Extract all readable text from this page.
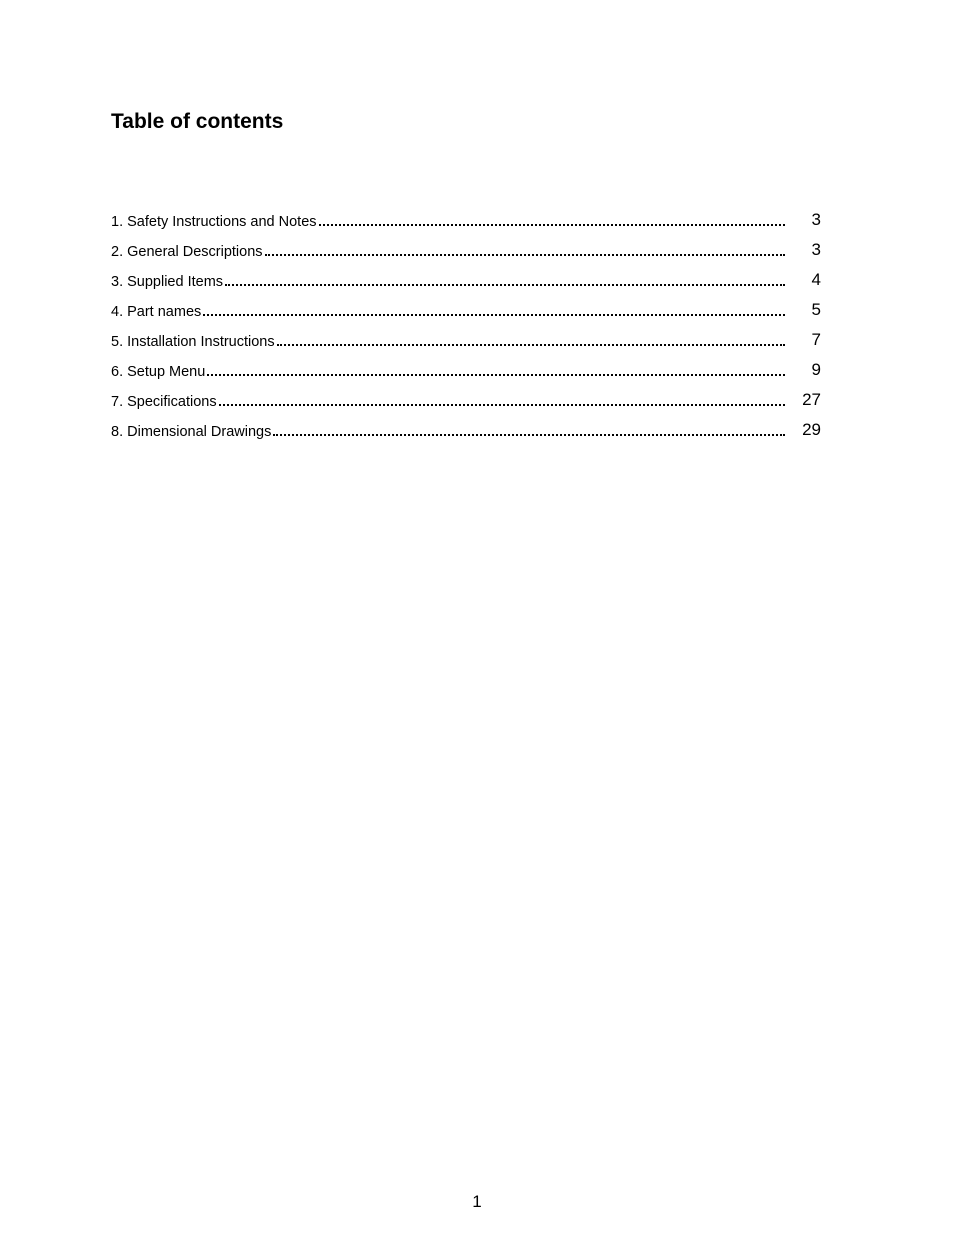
Table of contents
1. Safety Instructions and Notes	3
2. General Descriptions	3
3. Supplied Items	4
4. Part names	5
5. Installation Instructions	7
6. Setup Menu	9
7. Specifications	27
8. Dimensional Drawings	29
1
